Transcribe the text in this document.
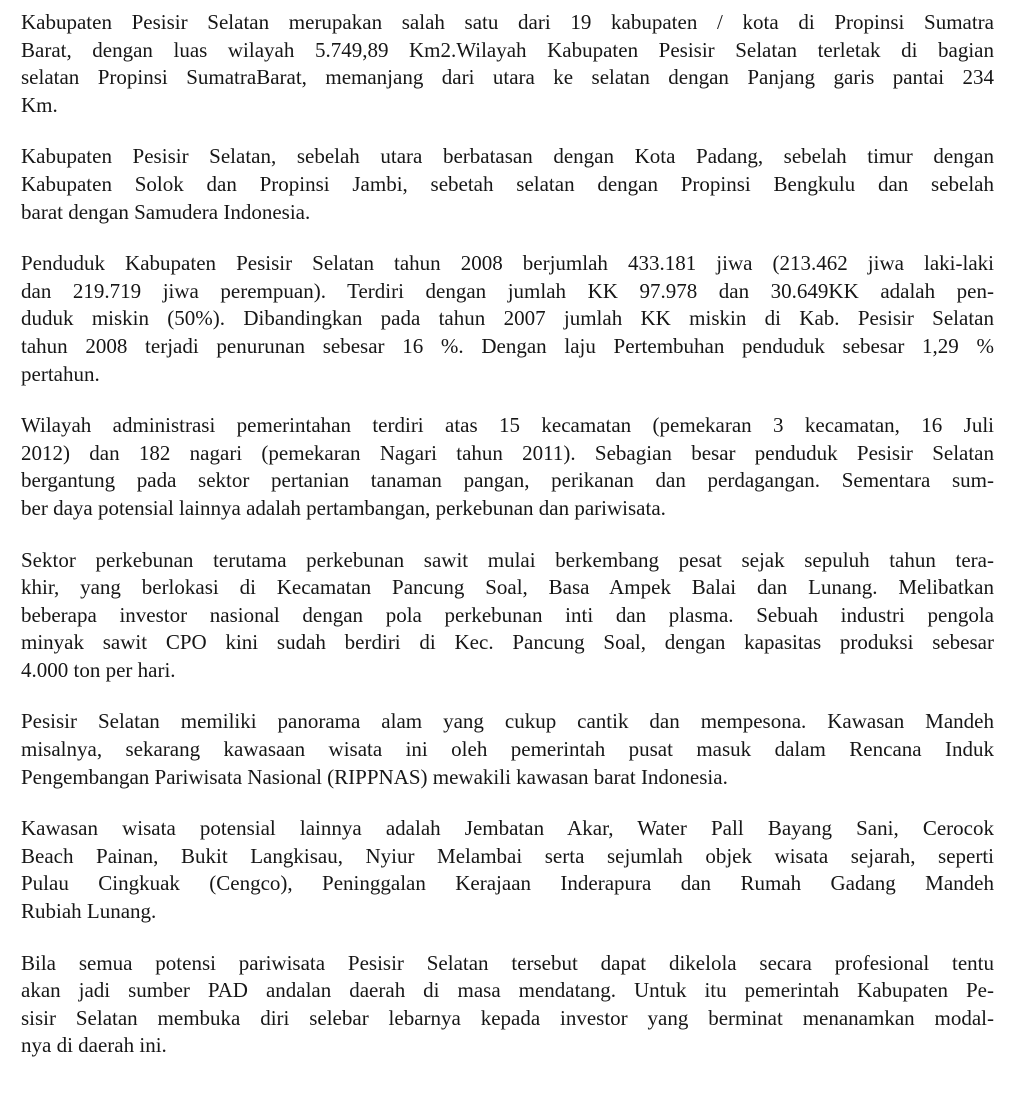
Kabupaten Pesisir Selatan merupakan salah satu dari 19 kabupaten / kota di Propinsi Sumatra
Barat, dengan luas wilayah 5.749,89 Km2.Wilayah Kabupaten Pesisir Selatan terletak di bagian
selatan Propinsi SumatraBarat, memanjang dari utara ke selatan dengan Panjang garis pantai 234
Km.
Kabupaten Pesisir Selatan, sebelah utara berbatasan dengan Kota Padang, sebelah timur dengan
Kabupaten Solok dan Propinsi Jambi, sebetah selatan dengan Propinsi Bengkulu dan sebelah
barat dengan Samudera Indonesia.
Penduduk Kabupaten Pesisir Selatan tahun 2008 berjumlah 433.181 jiwa (213.462 jiwa laki-laki
dan 219.719 jiwa perempuan). Terdiri dengan jumlah KK 97.978 dan 30.649KK adalah pen-
duduk miskin (50%). Dibandingkan pada tahun 2007 jumlah KK miskin di Kab. Pesisir Selatan
tahun 2008 terjadi penurunan sebesar 16 %. Dengan laju Pertembuhan penduduk sebesar 1,29 %
pertahun.
Wilayah administrasi pemerintahan terdiri atas 15 kecamatan (pemekaran 3 kecamatan, 16 Juli
2012) dan 182 nagari (pemekaran Nagari tahun 2011). Sebagian besar penduduk Pesisir Selatan
bergantung pada sektor pertanian tanaman pangan, perikanan dan perdagangan. Sementara sum-
ber daya potensial lainnya adalah pertambangan, perkebunan dan pariwisata.
Sektor perkebunan terutama perkebunan sawit mulai berkembang pesat sejak sepuluh tahun tera-
khir, yang berlokasi di Kecamatan Pancung Soal, Basa Ampek Balai dan Lunang. Melibatkan
beberapa investor nasional dengan pola perkebunan inti dan plasma. Sebuah industri pengola
minyak sawit CPO kini sudah berdiri di Kec. Pancung Soal, dengan kapasitas produksi sebesar
4.000 ton per hari.
Pesisir Selatan memiliki panorama alam yang cukup cantik dan mempesona. Kawasan Mandeh
misalnya, sekarang kawasaan wisata ini oleh pemerintah pusat masuk dalam Rencana Induk
Pengembangan Pariwisata Nasional (RIPPNAS) mewakili kawasan barat Indonesia.
Kawasan wisata potensial lainnya adalah Jembatan Akar, Water Pall Bayang Sani, Cerocok
Beach Painan, Bukit Langkisau, Nyiur Melambai serta sejumlah objek wisata sejarah, seperti
Pulau Cingkuak (Cengco), Peninggalan Kerajaan Inderapura dan Rumah Gadang Mandeh
Rubiah Lunang.
Bila semua potensi pariwisata Pesisir Selatan tersebut dapat dikelola secara profesional tentu
akan jadi sumber PAD andalan daerah di masa mendatang. Untuk itu pemerintah Kabupaten Pe-
sisir Selatan membuka diri selebar lebarnya kepada investor yang berminat menanamkan modal-
nya di daerah ini.
